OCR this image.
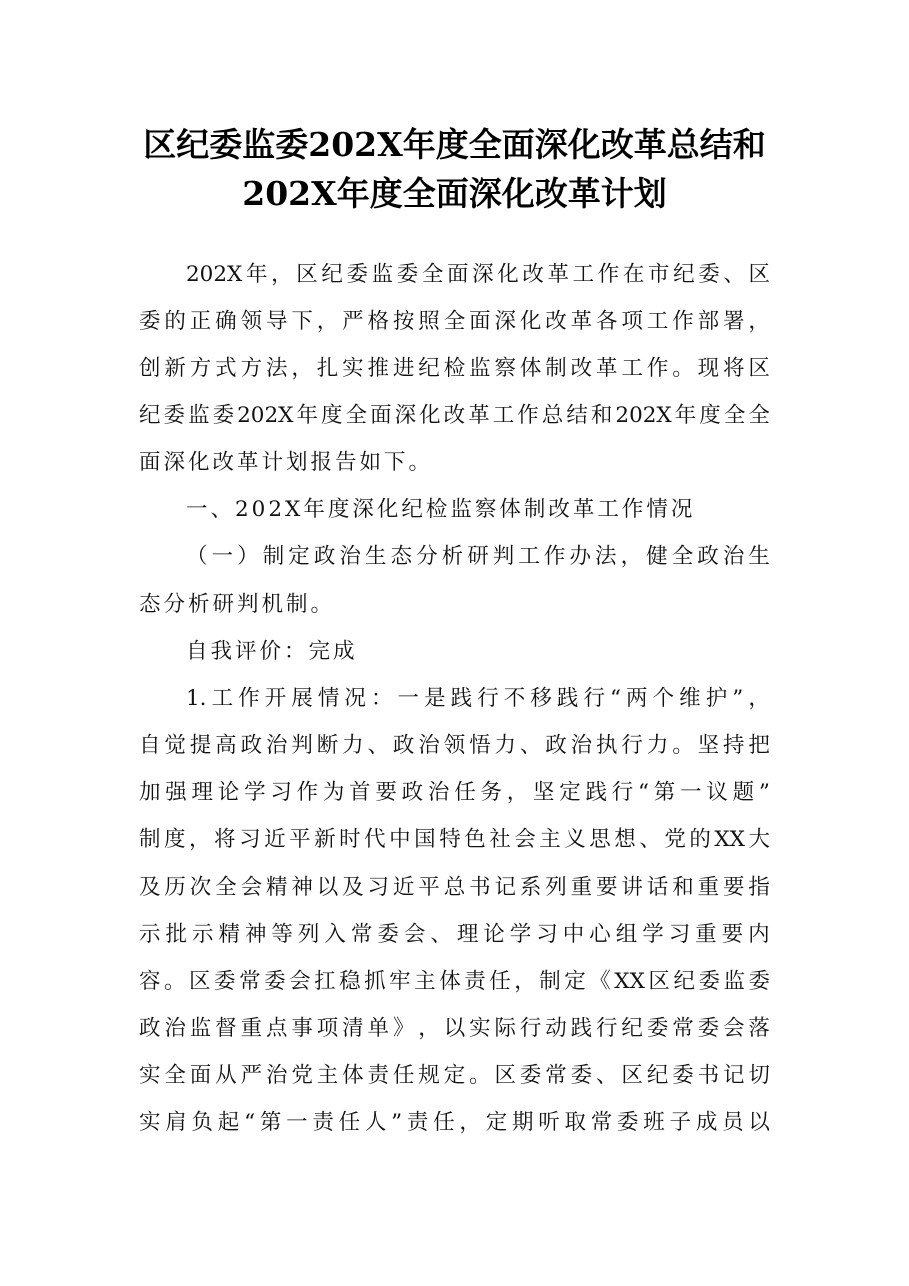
区纪委监委202X年度全面深化改革总结和
202X年度全面深化改革计划
202X 年 ， 区 纪 委 监 委 全 面 深 化 改 革 工 作 在 市 纪 委 、 区
委 的 正 确 领 导 下 ， 严 格 按 照 全 面 深 化 改 革 各 项 工 作 部 署 ，
创 新 方 式 方 法 ， 扎 实 推 进 纪 检 监 察 体 制 改 革 工 作 。 现 将 区
纪 委 监 委 202X 年 度 全 面 深 化 改 革 工 作 总 结 和 202X 年 度 全 全
面深化改革计划报告如下。
一、202X年度深化纪检监察体制改革工作情况
（ 一 ） 制 定 政 治 生 态 分 析 研 判 工 作 办 法 ， 健 全 政 治 生
态分析研判机制。
自我评价：完成
1. 工 作 开 展 情 况 ： 一 是 践 行 不 移 践 行 “ 两 个 维 护 ” ，
自 觉 提 高 政 治 判 断 力 、 政 治 领 悟 力 、 政 治 执 行 力 。 坚 持 把
加 强 理 论 学 习 作 为 首 要 政 治 任 务 ， 坚 定 践 行 “ 第 一 议 题 ”
制 度 ， 将 习 近 平 新 时 代 中 国 特 色 社 会 主 义 思 想 、 党 的 XX 大
及 历 次 全 会 精 神 以 及 习 近 平 总 书 记 系 列 重 要 讲 话 和 重 要 指
示 批 示 精 神 等 列 入 常 委 会 、 理 论 学 习 中 心 组 学 习 重 要 内
容 。 区 委 常 委 会 扛 稳 抓 牢 主 体 责 任 ， 制 定 《 XX 区 纪 委 监 委
政 治 监 督 重 点 事 项 清 单 》 ， 以 实 际 行 动 践 行 纪 委 常 委 会 落
实 全 面 从 严 治 党 主 体 责 任 规 定 。 区 委 常 委 、 区 纪 委 书 记 切
实 肩 负 起 “ 第 一 责 任 人 ” 责 任 ， 定 期 听 取 常 委 班 子 成 员 以
